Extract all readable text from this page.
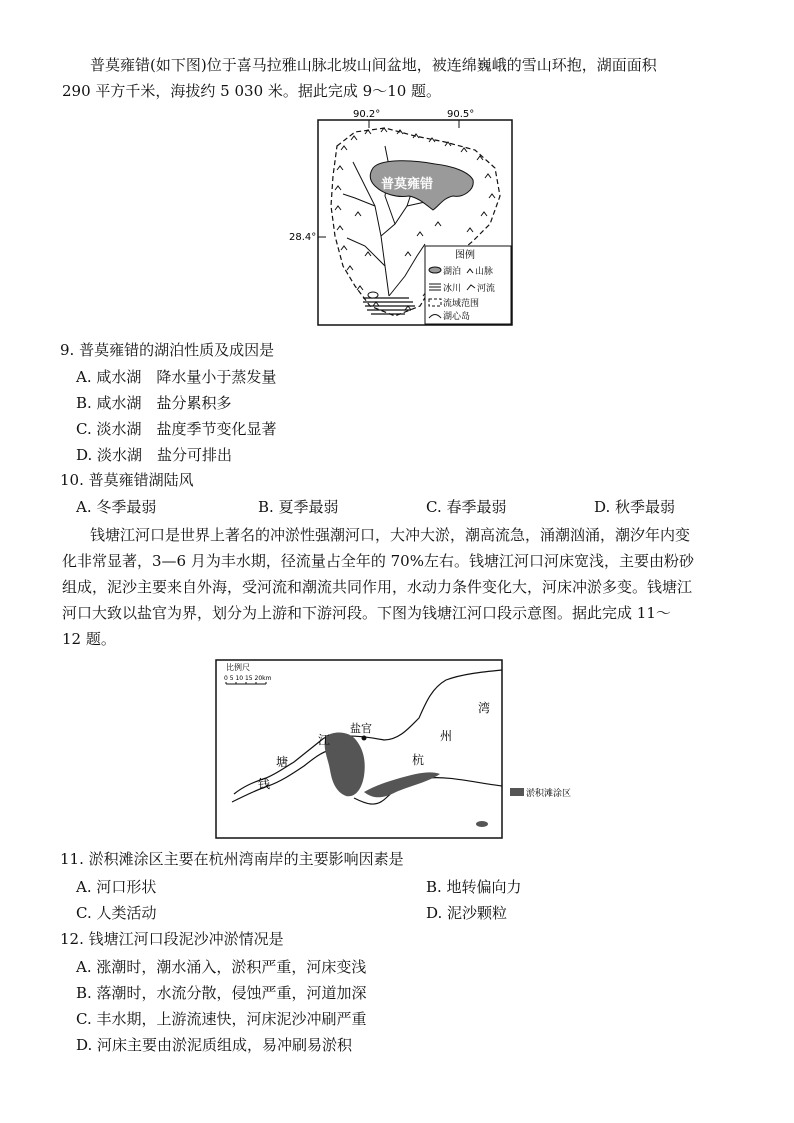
普莫雍错(如下图)位于喜马拉雅山脉北坡山间盆地，被连绵巍峨的雪山环抱，湖面面积
290 平方千米，海拔约 5 030 米。据此完成 9～10 题。
90.2°	90.5°
28.4°
普莫雍错
图例
湖泊 山脉
冰川 河流
流域范围
湖心岛
9. 普莫雍错的湖泊性质及成因是
A. 咸水湖　降水量小于蒸发量
B. 咸水湖　盐分累积多
C. 淡水湖　盐度季节变化显著
D. 淡水湖　盐分可排出
10. 普莫雍错湖陆风
A. 冬季最弱	B. 夏季最弱	C. 春季最弱	D. 秋季最弱
钱塘江河口是世界上著名的冲淤性强潮河口，大冲大淤，潮高流急，涌潮汹涌，潮汐年内变
化非常显著，3—6 月为丰水期，径流量占全年的 70%左右。钱塘江河口河床宽浅，主要由粉砂
组成，泥沙主要来自外海，受河流和潮流共同作用，水动力条件变化大，河床冲淤多变。钱塘江
河口大致以盐官为界，划分为上游和下游河段。下图为钱塘江河口段示意图。据此完成 11～
12 题。
比例尺
0 5 10 15 20km
盐官
江
塘
钱
湾
州
杭
淤积滩涂区
11. 淤积滩涂区主要在杭州湾南岸的主要影响因素是
A. 河口形状	B. 地转偏向力
C. 人类活动	D. 泥沙颗粒
12. 钱塘江河口段泥沙冲淤情况是
A. 涨潮时，潮水涌入，淤积严重，河床变浅
B. 落潮时，水流分散，侵蚀严重，河道加深
C. 丰水期，上游流速快，河床泥沙冲刷严重
D. 河床主要由淤泥质组成，易冲刷易淤积
